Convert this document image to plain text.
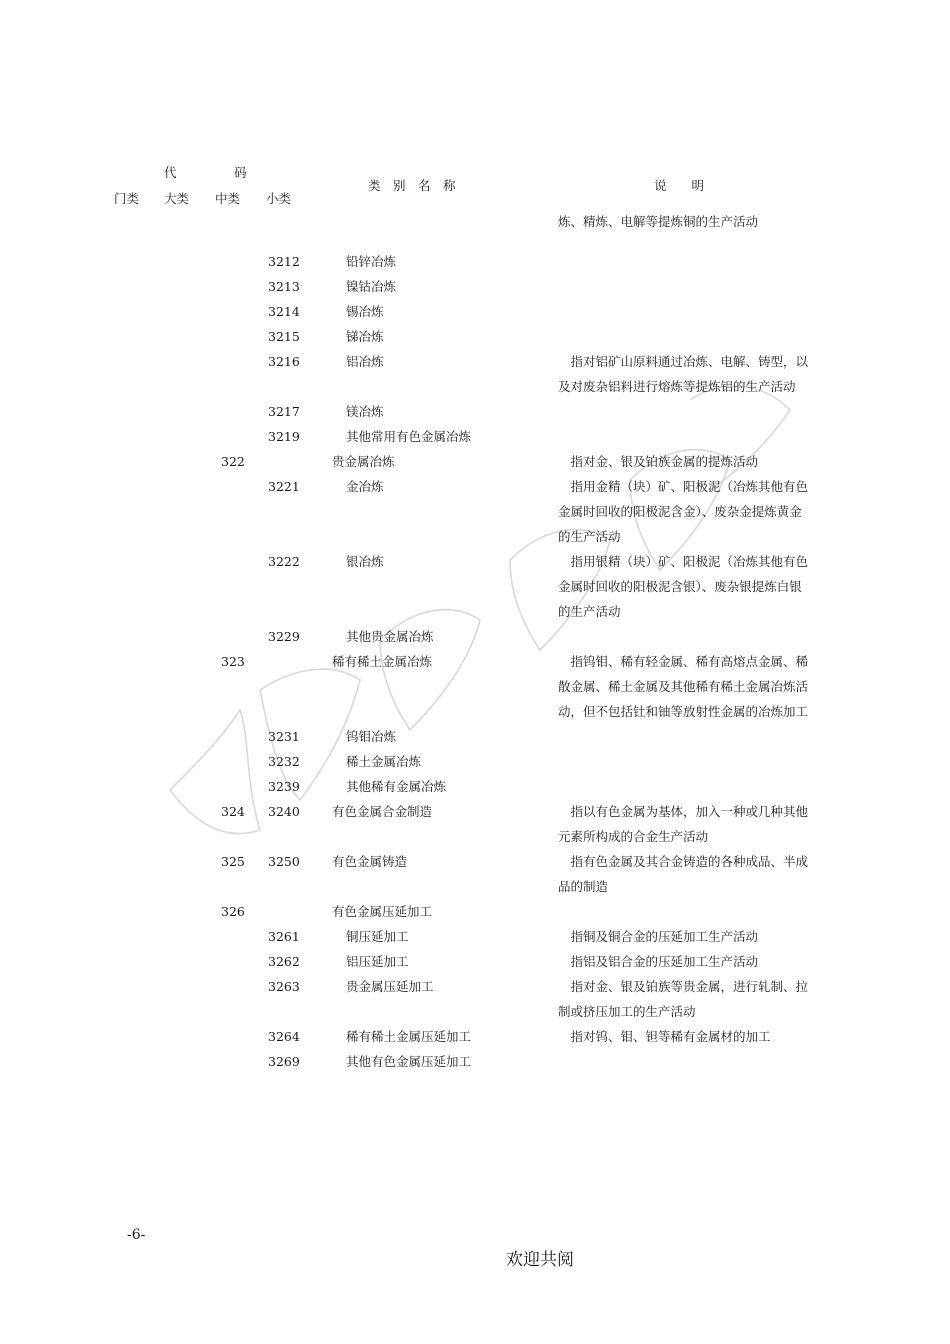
代	码
门类 大类 中类 小类
类　别　名　称	说　　明
炼、精炼、电解等提炼铜的生产活动
3212	铅锌冶炼
3213	镍钴冶炼
3214	锡冶炼
3215	锑冶炼
3216	铝冶炼	　指对铝矿山原料通过冶炼、电解、铸型，以
及对废杂铝料进行熔炼等提炼铝的生产活动
3217	镁冶炼
3219	其他常用有色金属冶炼
322	贵金属冶炼	　指对金、银及铂族金属的提炼活动
3221	金冶炼	　指用金精（块）矿、阳极泥（冶炼其他有色
金属时回收的阳极泥含金）、废杂金提炼黄金
的生产活动
3222	银冶炼	　指用银精（块）矿、阳极泥（冶炼其他有色
金属时回收的阳极泥含银）、废杂银提炼白银
的生产活动
3229	其他贵金属冶炼
323	稀有稀土金属冶炼	　指钨钼、稀有轻金属、稀有高熔点金属、稀
散金属、稀土金属及其他稀有稀土金属冶炼活
动，但不包括钍和铀等放射性金属的冶炼加工
3231	钨钼冶炼
3232	稀土金属冶炼
3239	其他稀有金属冶炼
324 3240	有色金属合金制造	　指以有色金属为基体，加入一种或几种其他
元素所构成的合金生产活动
325 3250	有色金属铸造	　指有色金属及其合金铸造的各种成品、半成
品的制造
326	有色金属压延加工
3261	铜压延加工	　指铜及铜合金的压延加工生产活动
3262	铝压延加工	　指铝及铝合金的压延加工生产活动
3263	贵金属压延加工	　指对金、银及铂族等贵金属，进行轧制、拉
制或挤压加工的生产活动
3264	稀有稀土金属压延加工	　指对钨、钼、钽等稀有金属材的加工
3269	其他有色金属压延加工
-6-
欢迎共阅
